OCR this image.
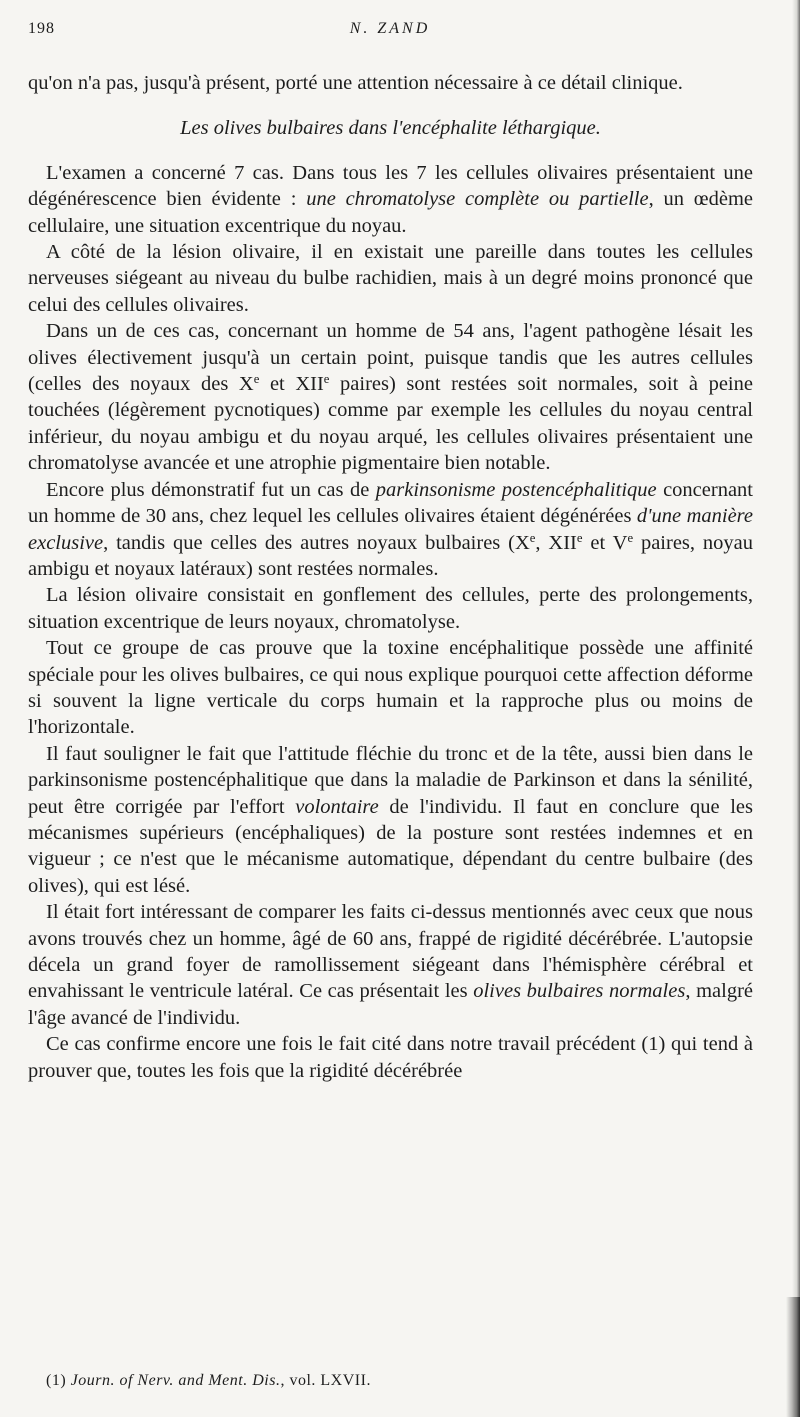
198	N. ZAND

qu'on n'a pas, jusqu'à présent, porté une attention nécessaire à ce détail clinique.

Les olives bulbaires dans l'encéphalite léthargique.

L'examen a concerné 7 cas. Dans tous les 7 les cellules olivaires présentaient une dégénérescence bien évidente : une chromatolyse complète ou partielle, un œdème cellulaire, une situation excentrique du noyau.

A côté de la lésion olivaire, il en existait une pareille dans toutes les cellules nerveuses siégeant au niveau du bulbe rachidien, mais à un degré moins prononcé que celui des cellules olivaires.

Dans un de ces cas, concernant un homme de 54 ans, l'agent pathogène lésait les olives électivement jusqu'à un certain point, puisque tandis que les autres cellules (celles des noyaux des Xe et XIIe paires) sont restées soit normales, soit à peine touchées (légèrement pycnotiques) comme par exemple les cellules du noyau central inférieur, du noyau ambigu et du noyau arqué, les cellules olivaires présentaient une chromatolyse avancée et une atrophie pigmentaire bien notable.

Encore plus démonstratif fut un cas de parkinsonisme postencéphalitique concernant un homme de 30 ans, chez lequel les cellules olivaires étaient dégénérées d'une manière exclusive, tandis que celles des autres noyaux bulbaires (Xe, XIIe et Ve paires, noyau ambigu et noyaux latéraux) sont restées normales.

La lésion olivaire consistait en gonflement des cellules, perte des prolongements, situation excentrique de leurs noyaux, chromatolyse.

Tout ce groupe de cas prouve que la toxine encéphalitique possède une affinité spéciale pour les olives bulbaires, ce qui nous explique pourquoi cette affection déforme si souvent la ligne verticale du corps humain et la rapproche plus ou moins de l'horizontale.

Il faut souligner le fait que l'attitude fléchie du tronc et de la tête, aussi bien dans le parkinsonisme postencéphalitique que dans la maladie de Parkinson et dans la sénilité, peut être corrigée par l'effort volontaire de l'individu. Il faut en conclure que les mécanismes supérieurs (encéphaliques) de la posture sont restées indemnes et en vigueur ; ce n'est que le mécanisme automatique, dépendant du centre bulbaire (des olives), qui est lésé.

Il était fort intéressant de comparer les faits ci-dessus mentionnés avec ceux que nous avons trouvés chez un homme, âgé de 60 ans, frappé de rigidité décérébrée. L'autopsie décela un grand foyer de ramollissement siégeant dans l'hémisphère cérébral et envahissant le ventricule latéral. Ce cas présentait les olives bulbaires normales, malgré l'âge avancé de l'individu.

Ce cas confirme encore une fois le fait cité dans notre travail précédent (1) qui tend à prouver que, toutes les fois que la rigidité décérébrée

(1) Journ. of Nerv. and Ment. Dis., vol. LXVII.
